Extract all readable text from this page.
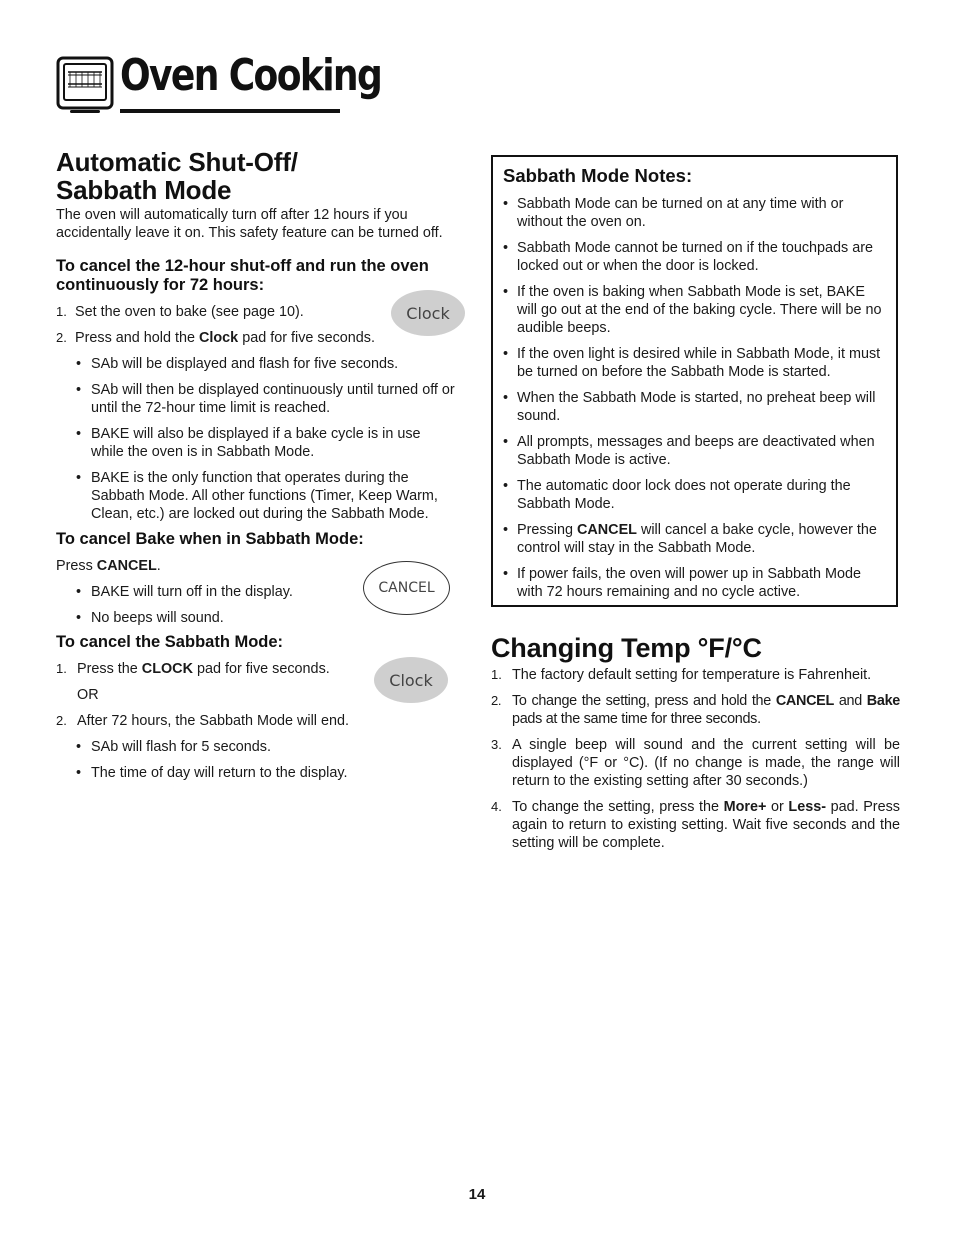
Oven Cooking
Automatic Shut-Off/
Sabbath Mode

The oven will automatically turn off after 12 hours if you accidentally leave it on. This safety feature can be turned off.

To cancel the 12-hour shut-off and run the oven continuously for 72 hours:
1. Set the oven to bake (see page 10).
2. Press and hold the Clock pad for five seconds.
• SAb will be displayed and flash for five seconds.
• SAb will then be displayed continuously until turned off or until the 72-hour time limit is reached.
• BAKE will also be displayed if a bake cycle is in use while the oven is in Sabbath Mode.
• BAKE is the only function that operates during the Sabbath Mode. All other functions (Timer, Keep Warm, Clean, etc.) are locked out during the Sabbath Mode.
To cancel Bake when in Sabbath Mode:

Press CANCEL.

• BAKE will turn off in the display.
• No beeps will sound.
To cancel the Sabbath Mode:
1. Press the CLOCK pad for five seconds.
OR
2. After 72 hours, the Sabbath Mode will end.
• SAb will flash for 5 seconds.
• The time of day will return to the display.
Clock
CANCEL
Clock
Sabbath Mode Notes:
• Sabbath Mode can be turned on at any time with or without the oven on.
• Sabbath Mode cannot be turned on if the touchpads are locked out or when the door is locked.
• If the oven is baking when Sabbath Mode is set, BAKE will go out at the end of the baking cycle. There will be no audible beeps.
• If the oven light is desired while in Sabbath Mode, it must be turned on before the Sabbath Mode is started.
• When the Sabbath Mode is started, no preheat beep will sound.
• All prompts, messages and beeps are deactivated when Sabbath Mode is active.
• The automatic door lock does not operate during the Sabbath Mode.
• Pressing CANCEL will cancel a bake cycle, however the control will stay in the Sabbath Mode.
• If power fails, the oven will power up in Sabbath Mode with 72 hours remaining and no cycle active.
Changing Temp °F/°C
1. The factory default setting for temperature is Fahrenheit.
2. To change the setting, press and hold the CANCEL and Bake pads at the same time for three seconds.
3. A single beep will sound and the current setting will be displayed (°F or °C). (If no change is made, the range will return to the existing setting after 30 seconds.)
4. To change the setting, press the More+ or Less- pad. Press again to return to existing setting. Wait five seconds and the setting will be complete.
14
